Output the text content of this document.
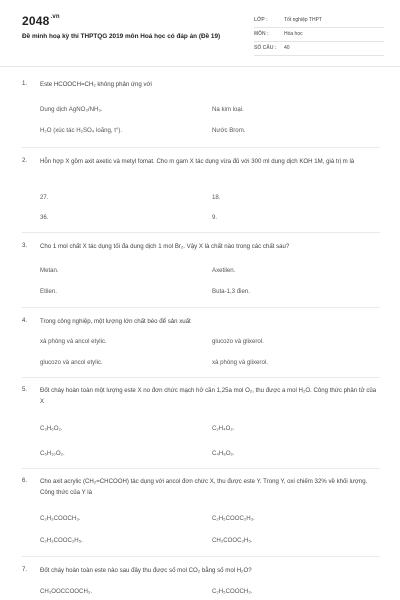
$2048^{.vn}$
Đề minh hoạ kỳ thi THPTQG 2019 môn Hoá học có đáp án (Đề 19)
LỚP :	Tốt nghiệp THPT
MÔN :	Hóa học
SỐ CÂU : 40
1. Este HCOOCH=CH₂ không phản ứng với
Dung dịch AgNO₃/NH₃.	Na kim loại.
H₂O (xúc tác H₂SO₄ loãng, t°).	Nước Brom.
2. Hỗn hợp X gồm axit axetic và metyl fomat. Cho m gam X tác dụng vừa đủ với 300 ml dung dịch KOH 1M, giá trị m là
27.	18.
36.	9.
3. Cho 1 mol chất X tác dụng tối đa dung dịch 1 mol Br₂. Vậy X là chất nào trong các chất sau?
Metan.	Axetilen.
Etilen.	Buta-1,3 đien.
4. Trong công nghiệp, một lượng lớn chất béo để sản xuất
xà phòng và ancol etylic.	glucozo và glixerol.
glucozo và ancol etylic.	xà phòng và glixerol.
5. Đốt cháy hoàn toàn một lượng este X no đơn chức mạch hở cần 1,25a mol O₂, thu được a mol H₂O. Công thức phân tử của X
C₃H₆O₂.	C₂H₄O₂.
C₅H₁₀O₂.	C₄H₈O₂.
6. Cho axit acrylic (CH₂=CHCOOH) tác dụng với ancol đơn chức X, thu được este Y. Trong Y, oxi chiếm 32% về khối lượng. Công thức của Y là
C₂H₃COOCH₃.	C₂H₅COOC₂H₃.
C₂H₃COOC₂H₅.	CH₃COOC₂H₅.
7. Đốt cháy hoàn toàn este nào sau đây thu được số mol CO₂ bằng số mol H₂O?
CH₃OOCCOOCH₃.	C₂H₅COOCH₃.
